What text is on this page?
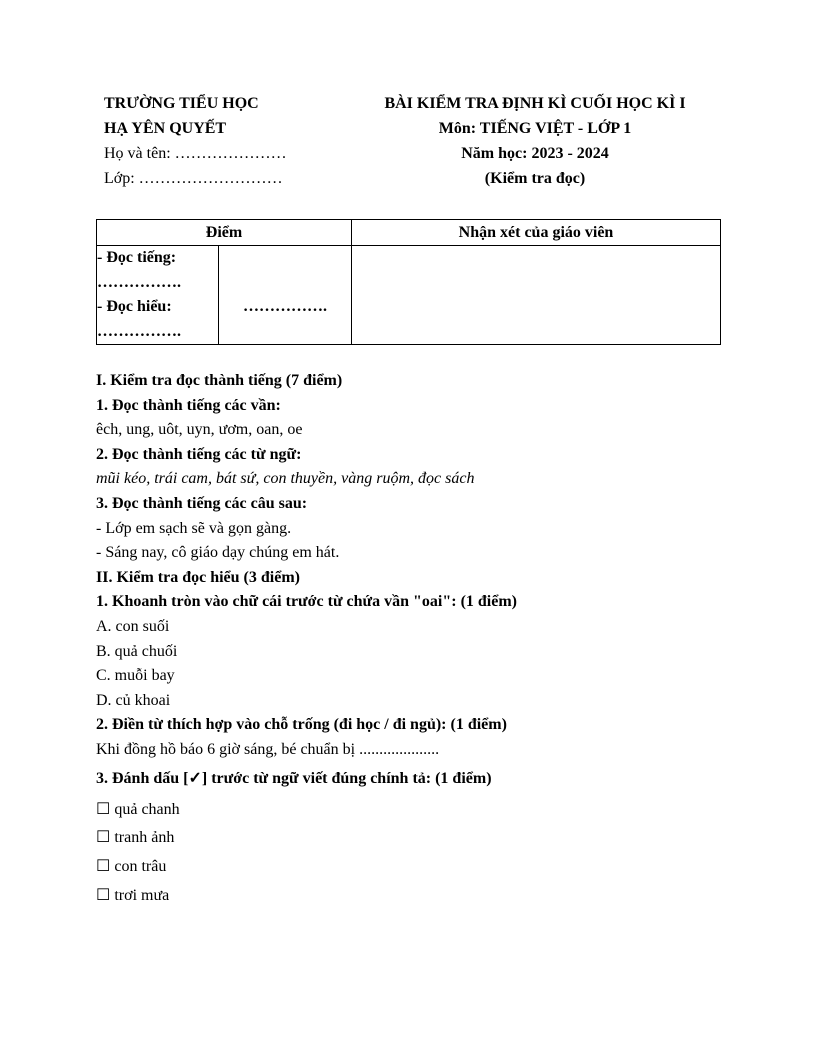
TRƯỜNG TIỂU HỌC	BÀI KIỂM TRA ĐỊNH KÌ CUỐI HỌC KÌ I
HẠ YÊN QUYẾT	Môn: TIẾNG VIỆT - LỚP 1
Họ và tên: …………………	Năm học: 2023 - 2024
Lớp: ………………………	(Kiểm tra đọc)
Điểm		Nhận xét của giáo viên

- Đọc tiếng:
…………….
- Đọc hiểu:
…………….	…………….	
I. Kiểm tra đọc thành tiếng (7 điểm)
1. Đọc thành tiếng các vần:
êch, ung, uôt, uyn, ươm, oan, oe
2. Đọc thành tiếng các từ ngữ:
mũi kéo, trái cam, bát sứ, con thuyền, vàng ruộm, đọc sách
3. Đọc thành tiếng các câu sau:
- Lớp em sạch sẽ và gọn gàng.
- Sáng nay, cô giáo dạy chúng em hát.
II. Kiểm tra đọc hiểu (3 điểm)
1. Khoanh tròn vào chữ cái trước từ chứa vần "oai": (1 điểm)
A. con suối
B. quả chuối
C. muỗi bay
D. củ khoai
2. Điền từ thích hợp vào chỗ trống (đi học / đi ngủ): (1 điểm)
Khi đồng hồ báo 6 giờ sáng, bé chuẩn bị ....................
3. Đánh dấu [✓] trước từ ngữ viết đúng chính tả: (1 điểm)
☐ quả chanh
☐ tranh ảnh
☐ con trâu
☐ trơi mưa
